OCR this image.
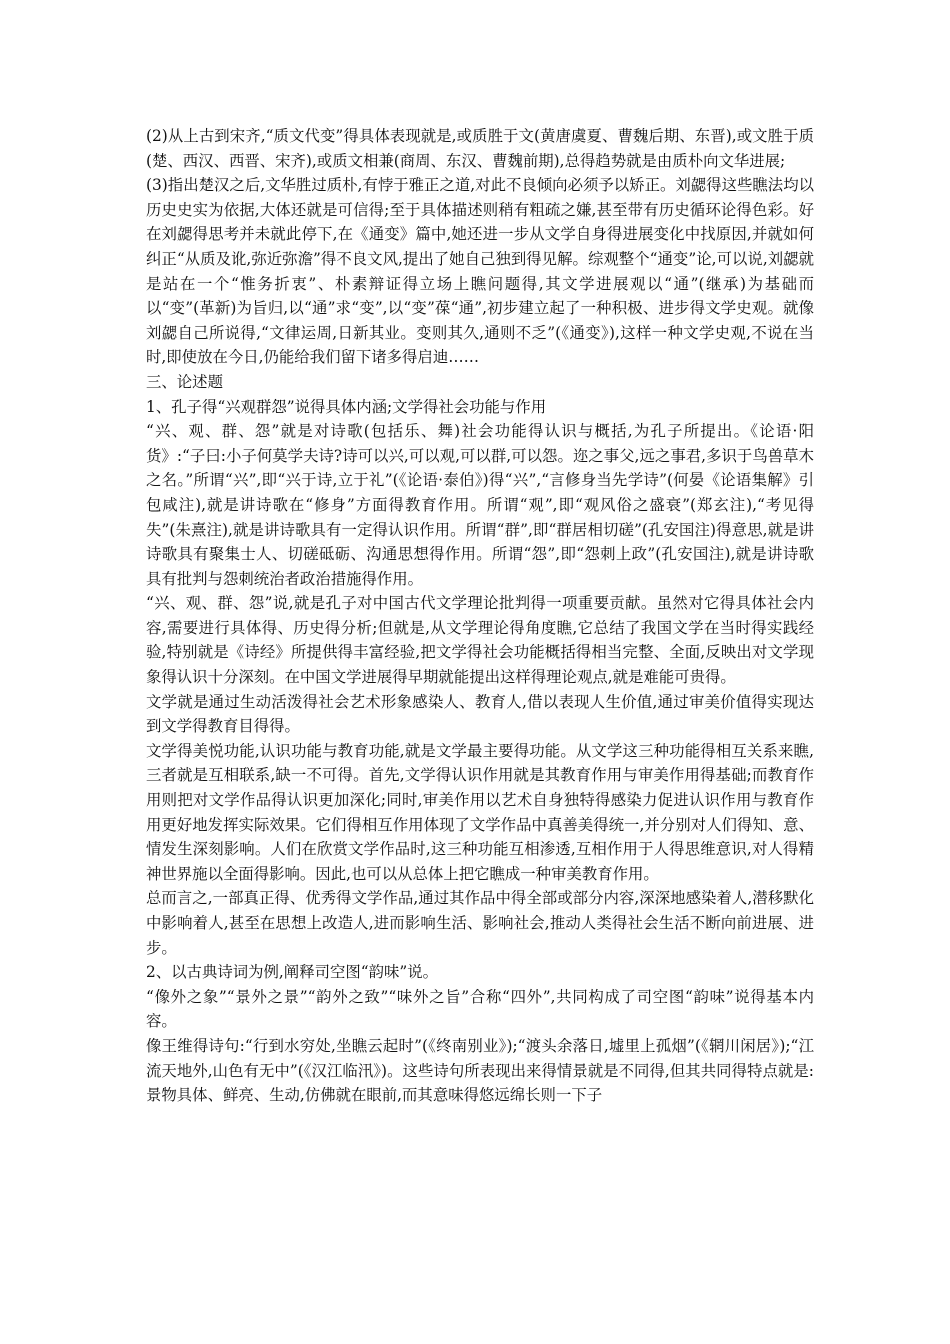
(2)从上古到宋齐,“质文代变”得具体表现就是,或质胜于文(黄唐虞夏、曹魏后期、东晋),或文胜于质(楚、西汉、西晋、宋齐),或质文相兼(商周、东汉、曹魏前期),总得趋势就是由质朴向文华进展;

(3)指出楚汉之后,文华胜过质朴,有悖于雅正之道,对此不良倾向必须予以矫正。刘勰得这些瞧法均以历史史实为依据,大体还就是可信得;至于具体描述则稍有粗疏之嫌,甚至带有历史循环论得色彩。好在刘勰得思考并未就此停下,在《通变》篇中,她还进一步从文学自身得进展变化中找原因,并就如何纠正“从质及讹,弥近弥澹”得不良文风,提出了她自己独到得见解。综观整个“通变”论,可以说,刘勰就是站在一个“惟务折衷”、朴素辩证得立场上瞧问题得,其文学进展观以“通”(继承)为基础而以“变”(革新)为旨归,以“通”求“变”,以“变”葆“通”,初步建立起了一种积极、进步得文学史观。就像刘勰自己所说得,“文律运周,日新其业。变则其久,通则不乏”(《通变》),这样一种文学史观,不说在当时,即使放在今日,仍能给我们留下诸多得启迪……

三、论述题

1、孔子得“兴观群怨”说得具体内涵;文学得社会功能与作用

“兴、观、群、怨”就是对诗歌(包括乐、舞)社会功能得认识与概括,为孔子所提出。《论语·阳货》:“子曰:小子何莫学夫诗?诗可以兴,可以观,可以群,可以怨。迩之事父,远之事君,多识于鸟兽草木之名。”所谓“兴”,即“兴于诗,立于礼”(《论语·泰伯》)得“兴”,“言修身当先学诗”(何晏《论语集解》引包咸注),就是讲诗歌在“修身”方面得教育作用。所谓“观”,即“观风俗之盛衰”(郑玄注),“考见得失”(朱熹注),就是讲诗歌具有一定得认识作用。所谓“群”,即“群居相切磋”(孔安国注)得意思,就是讲诗歌具有聚集士人、切磋砥砺、沟通思想得作用。所谓“怨”,即“怨刺上政”(孔安国注),就是讲诗歌具有批判与怨刺统治者政治措施得作用。

“兴、观、群、怨”说,就是孔子对中国古代文学理论批判得一项重要贡献。虽然对它得具体社会内容,需要进行具体得、历史得分析;但就是,从文学理论得角度瞧,它总结了我国文学在当时得实践经验,特别就是《诗经》所提供得丰富经验,把文学得社会功能概括得相当完整、全面,反映出对文学现象得认识十分深刻。在中国文学进展得早期就能提出这样得理论观点,就是难能可贵得。

文学就是通过生动活泼得社会艺术形象感染人、教育人,借以表现人生价值,通过审美价值得实现达到文学得教育目得得。

文学得美悦功能,认识功能与教育功能,就是文学最主要得功能。从文学这三种功能得相互关系来瞧,三者就是互相联系,缺一不可得。首先,文学得认识作用就是其教育作用与审美作用得基础;而教育作用则把对文学作品得认识更加深化;同时,审美作用以艺术自身独特得感染力促进认识作用与教育作用更好地发挥实际效果。它们得相互作用体现了文学作品中真善美得统一,并分别对人们得知、意、情发生深刻影响。人们在欣赏文学作品时,这三种功能互相渗透,互相作用于人得思维意识,对人得精神世界施以全面得影响。因此,也可以从总体上把它瞧成一种审美教育作用。

总而言之,一部真正得、优秀得文学作品,通过其作品中得全部或部分内容,深深地感染着人,潜移默化中影响着人,甚至在思想上改造人,进而影响生活、影响社会,推动人类得社会生活不断向前进展、进步。

2、以古典诗词为例,阐释司空图“韵味”说。

“像外之象”“景外之景”“韵外之致”“味外之旨”合称“四外”,共同构成了司空图“韵味”说得基本内容。

像王维得诗句:“行到水穷处,坐瞧云起时”(《终南别业》);“渡头余落日,墟里上孤烟”(《辋川闲居》);“江流天地外,山色有无中”(《汉江临汛》)。这些诗句所表现出来得情景就是不同得,但其共同得特点就是:景物具体、鲜亮、生动,仿佛就在眼前,而其意味得悠远绵长则一下子
